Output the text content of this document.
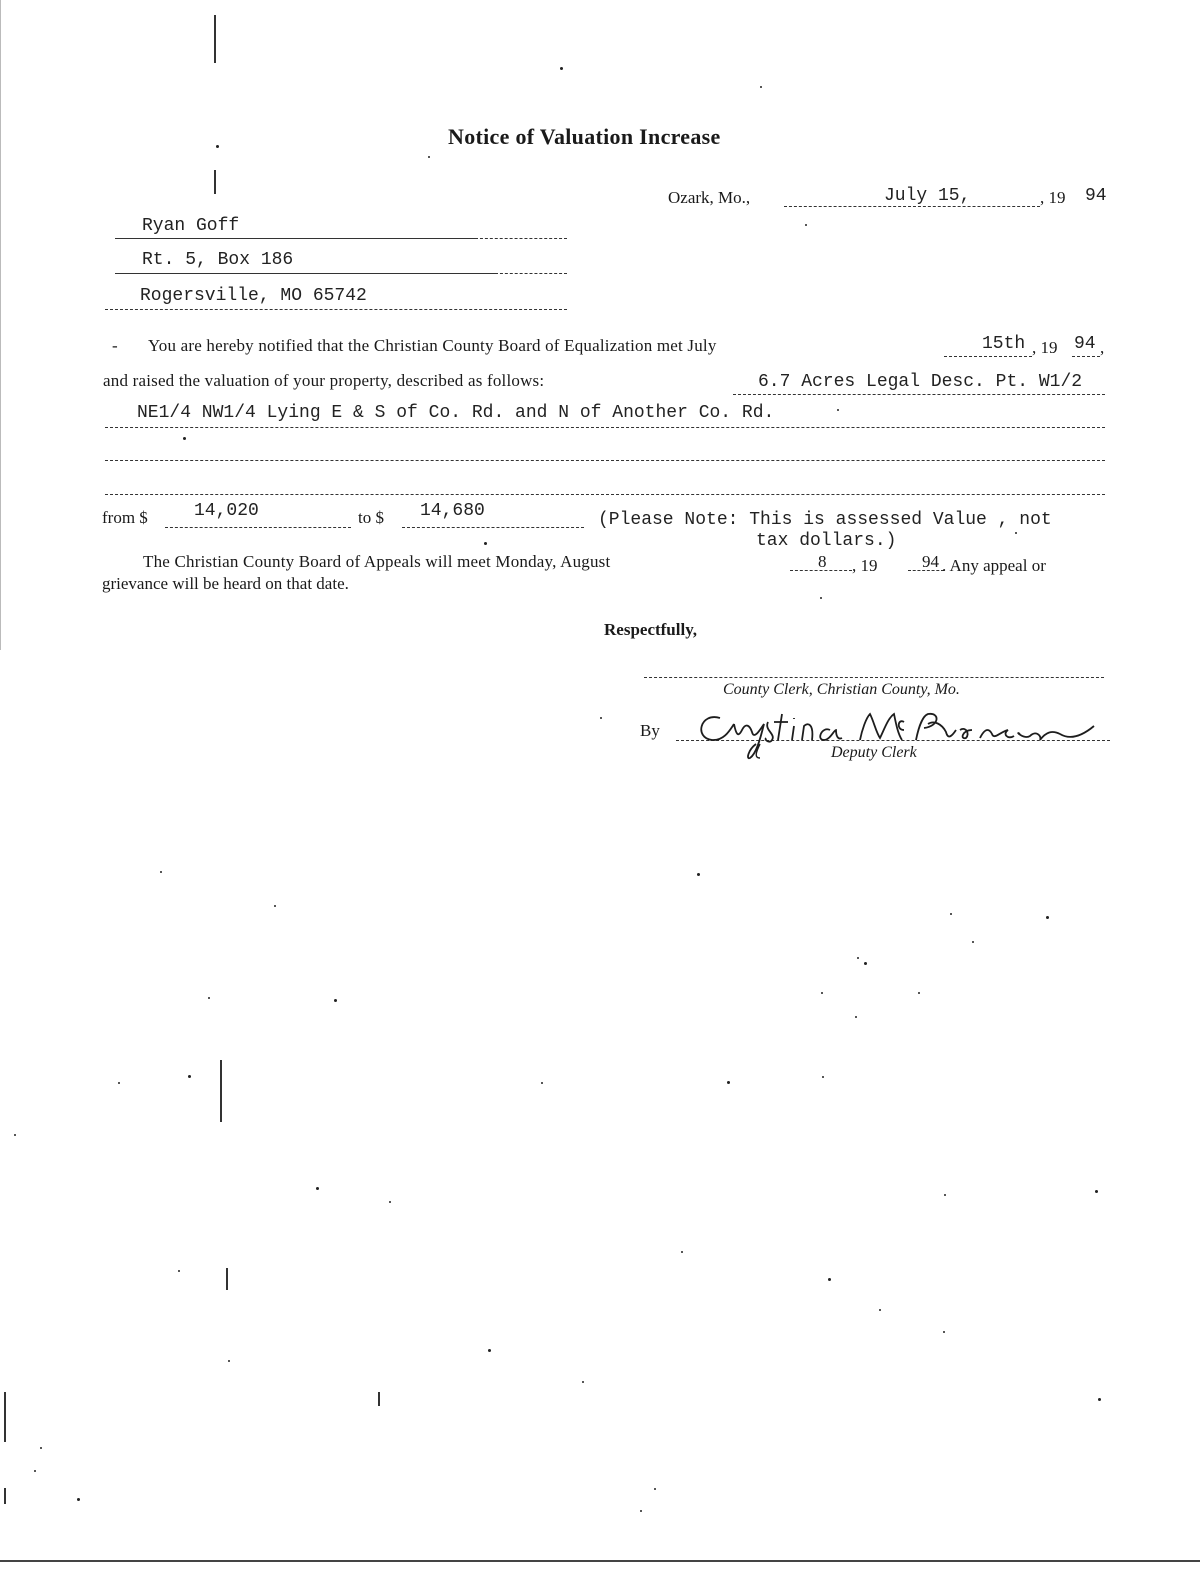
Notice of Valuation Increase
Ozark, Mo.,	July 15,	, 19 94
Ryan Goff
Rt. 5, Box 186
Rogersville, MO 65742
- You are hereby notified that the Christian County Board of Equalization met July	15th , 19 94 ,
and raised the valuation of your property, described as follows:	6.7 Acres Legal Desc. Pt. W1/2
NE1/4 NW1/4 Lying E & S of Co. Rd. and N of Another Co. Rd.
from $	14,020	to $ 14,680	(Please Note: This is assessed Value , not
tax dollars.)
The Christian County Board of Appeals will meet Monday, August	8 , 19	94 . Any appeal or
grievance will be heard on that date.
Respectfully,
County Clerk, Christian County, Mo.
By
Deputy Clerk
